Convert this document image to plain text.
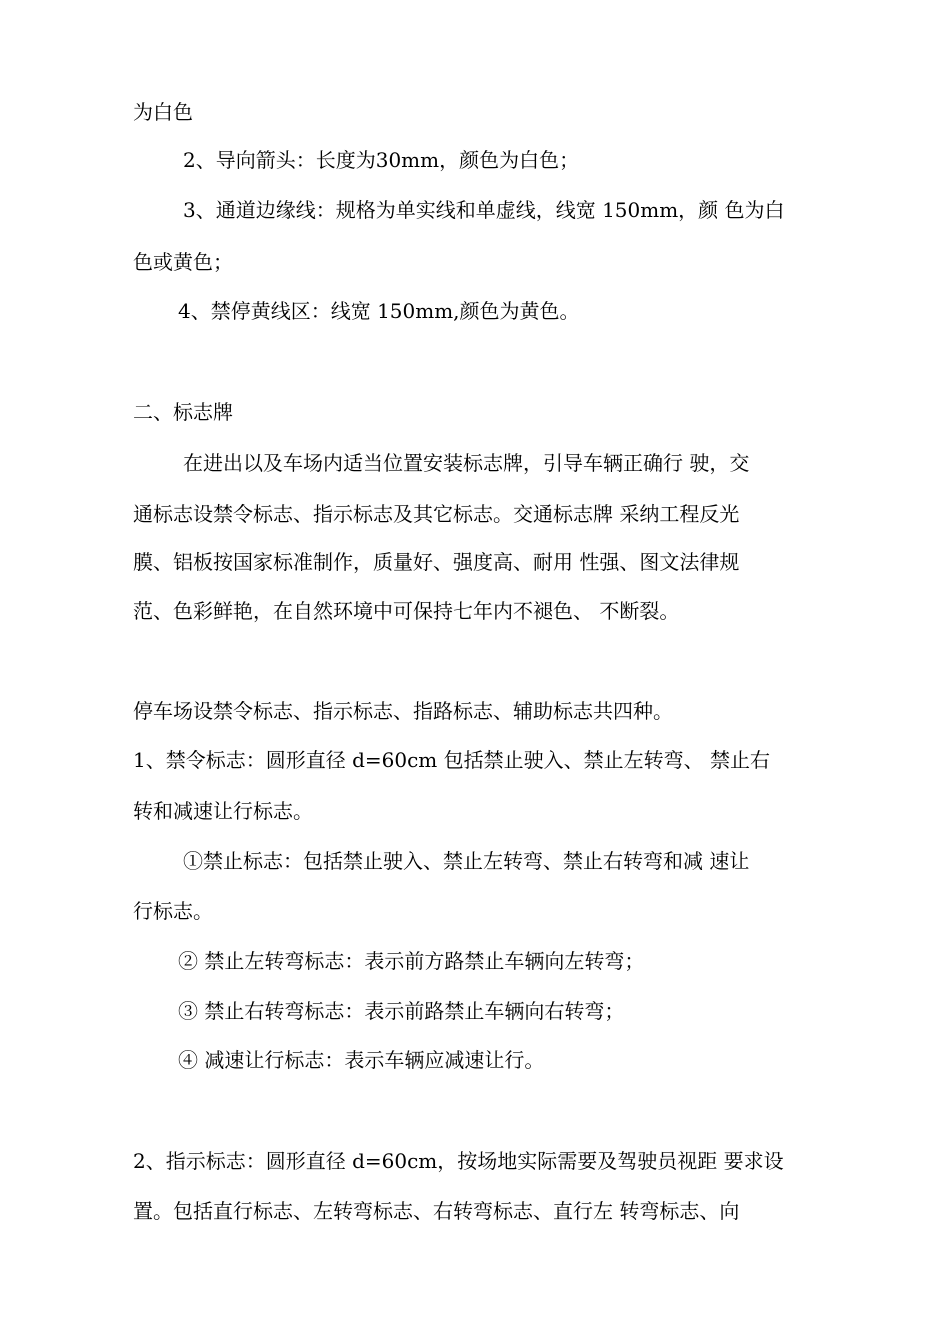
为白色
2、导向箭头：长度为30mm，颜色为白色；
3、通道边缘线：规格为单实线和单虚线，线宽 150mm，颜 色为白
色或黄色；
4、禁停黄线区：线宽 150mm,颜色为黄色。
二、标志牌
在进出以及车场内适当位置安装标志牌，引导车辆正确行 驶，交
通标志设禁令标志、指示标志及其它标志。交通标志牌 采纳工程反光
膜、铝板按国家标准制作，质量好、强度高、耐用 性强、图文法律规
范、色彩鲜艳，在自然环境中可保持七年内不褪色、 不断裂。
停车场设禁令标志、指示标志、指路标志、辅助标志共四种。
1、禁令标志：圆形直径 d=60cm 包括禁止驶入、禁止左转弯、 禁止右
转和减速让行标志。
①禁止标志：包括禁止驶入、禁止左转弯、禁止右转弯和减 速让
行标志。
② 禁止左转弯标志：表示前方路禁止车辆向左转弯；
③ 禁止右转弯标志：表示前路禁止车辆向右转弯；
④ 减速让行标志：表示车辆应减速让行。
2、指示标志：圆形直径 d=60cm，按场地实际需要及驾驶员视距 要求设
置。包括直行标志、左转弯标志、右转弯标志、直行左 转弯标志、向
